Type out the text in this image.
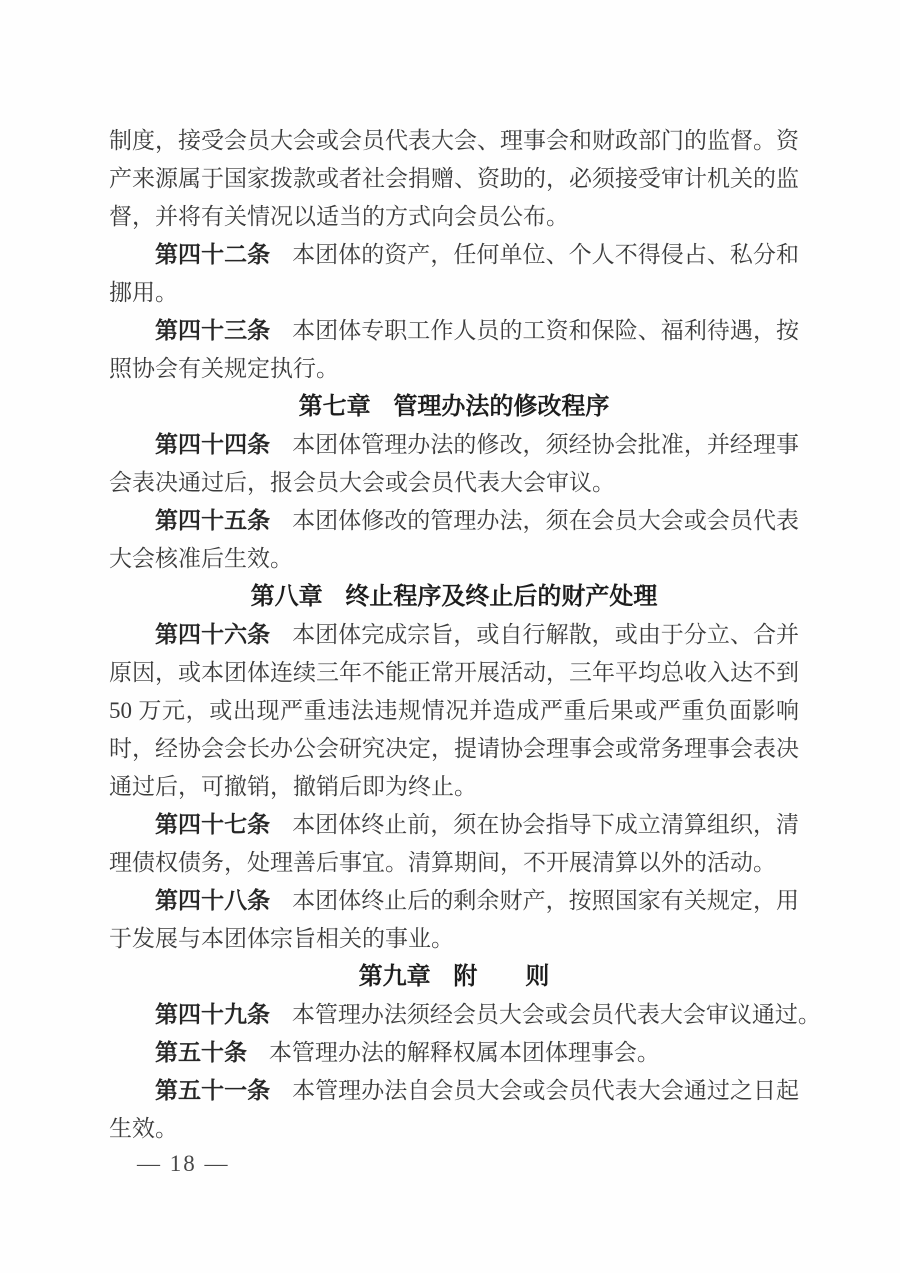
制度，接受会员大会或会员代表大会、理事会和财政部门的监督。资产来源属于国家拨款或者社会捐赠、资助的，必须接受审计机关的监督，并将有关情况以适当的方式向会员公布。

第四十二条 本团体的资产，任何单位、个人不得侵占、私分和挪用。

第四十三条 本团体专职工作人员的工资和保险、福利待遇，按照协会有关规定执行。

第七章 管理办法的修改程序

第四十四条 本团体管理办法的修改，须经协会批准，并经理事会表决通过后，报会员大会或会员代表大会审议。

第四十五条 本团体修改的管理办法，须在会员大会或会员代表大会核准后生效。

第八章 终止程序及终止后的财产处理

第四十六条 本团体完成宗旨，或自行解散，或由于分立、合并原因，或本团体连续三年不能正常开展活动，三年平均总收入达不到50 万元，或出现严重违法违规情况并造成严重后果或严重负面影响时，经协会会长办公会研究决定，提请协会理事会或常务理事会表决通过后，可撤销，撤销后即为终止。

第四十七条 本团体终止前，须在协会指导下成立清算组织，清理债权债务，处理善后事宜。清算期间，不开展清算以外的活动。

第四十八条 本团体终止后的剩余财产，按照国家有关规定，用于发展与本团体宗旨相关的事业。

第九章 附　　则

第四十九条 本管理办法须经会员大会或会员代表大会审议通过。

第五十条 本管理办法的解释权属本团体理事会。

第五十一条 本管理办法自会员大会或会员代表大会通过之日起生效。

— 18 —
